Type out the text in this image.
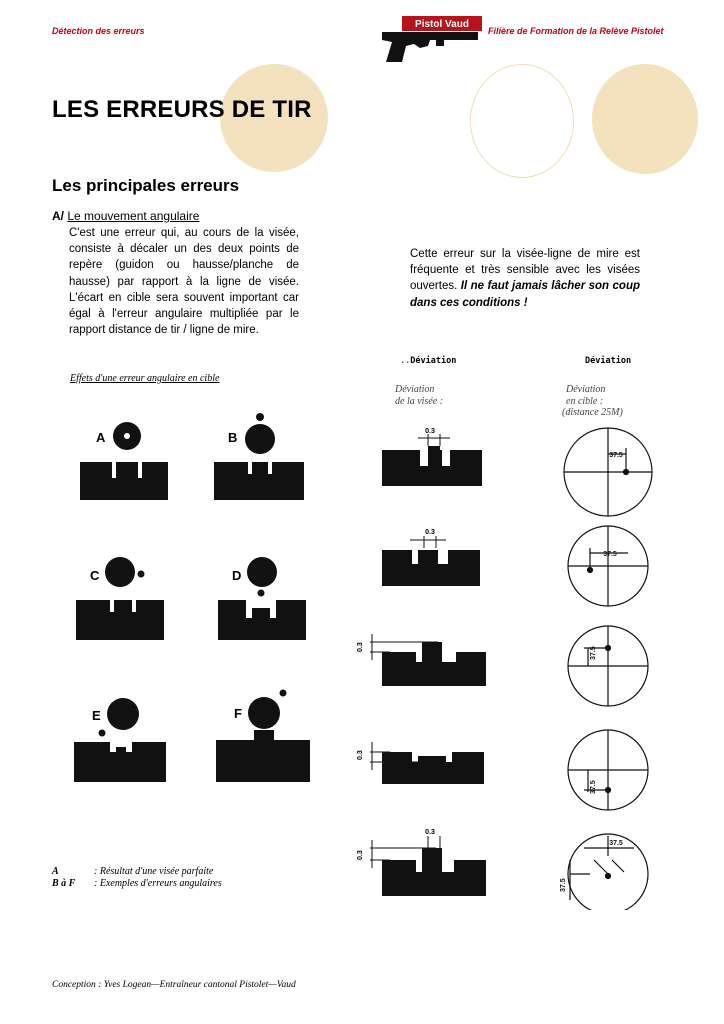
Détection des erreurs	Filière de Formation de la Relève Pistolet
Pistol Vaud
LES ERREURS DE TIR
Les principales erreurs
A/ Le mouvement angulaire
C'est une erreur qui, au cours de la visée, consiste à décaler un des deux points de repère (guidon ou hausse/planche de hausse) par rapport à la ligne de visée. L'écart en cible sera souvent important car égal à l'erreur angulaire multipliée par le rapport distance de tir / ligne de mire.
Cette erreur sur la visée-ligne de mire est fréquente et très sensible avec les visées ouvertes. Il ne faut jamais lâcher son coup dans ces conditions !
Effets d'une erreur angulaire en cible
..Déviation	Déviation
Déviation
de la visée :
Déviation
en cible :
(distance 25M)
A	B
C	D
E	F
0.3
0.3
0.3
0.3
0.3
0.3
37.5
37.5
37.5
37.5
37.5
37.5
A	: Résultat d'une visée parfaite
B à F : Exemples d'erreurs angulaires
Conception : Yves Logean—Entraîneur cantonal Pistolet—Vaud
